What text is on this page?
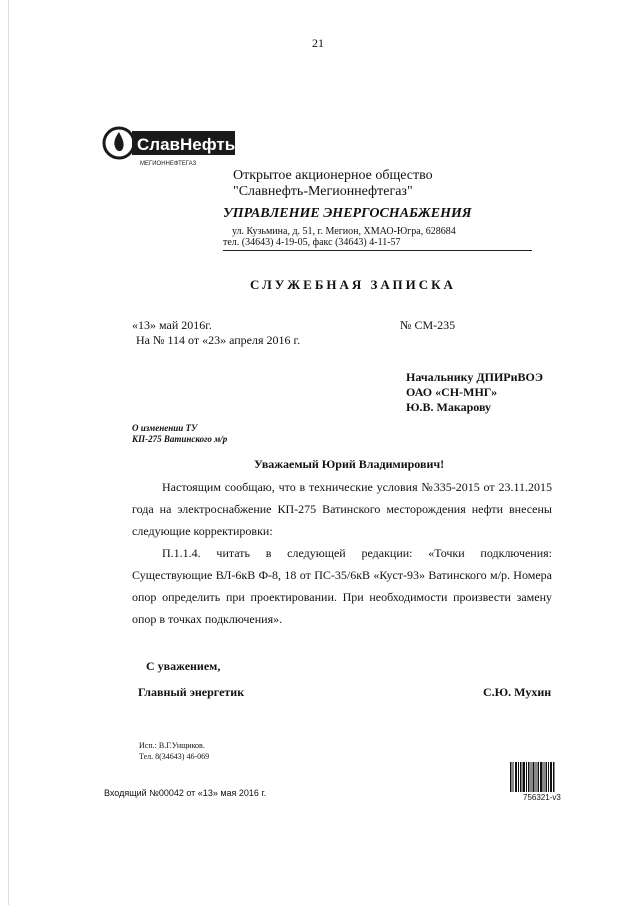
21
СлавНефть
МЕГИОННЕФТЕГАЗ
Открытое акционерное общество
"Славнефть-Мегионнефтегаз"
УПРАВЛЕНИЕ ЭНЕРГОСНАБЖЕНИЯ
ул. Кузьмина, д. 51, г. Мегион, ХМАО-Югра, 628684
тел. (34643) 4-19-05, факс (34643) 4-11-57
СЛУЖЕБНАЯ ЗАПИСКА
«13» май 2016г.
На № 114 от «23» апреля 2016 г.
№ СМ-235
Начальнику ДПИРиВОЭ
ОАО «СН-МНГ»
Ю.В. Макарову
О изменении ТУ
КП-275 Ватинского м/р
Уважаемый Юрий Владимирович!
Настоящим сообщаю, что в технические условия №335-2015 от 23.11.2015 года на электроснабжение КП-275 Ватинского месторождения нефти внесены следующие корректировки:
П.1.1.4. читать в следующей редакции: «Точки подключения: Существующие ВЛ-6кВ Ф-8, 18 от ПС-35/6кВ «Куст-93» Ватинского м/р. Номера опор определить при проектировании. При необходимости произвести замену опор в точках подключения».
С уважением,
Главный энергетик	С.Ю. Мухин
Исп.: В.Г.Унщиков.
Тел. 8(34643) 46-069
Входящий №00042 от «13» мая 2016 г.	756321-v3
